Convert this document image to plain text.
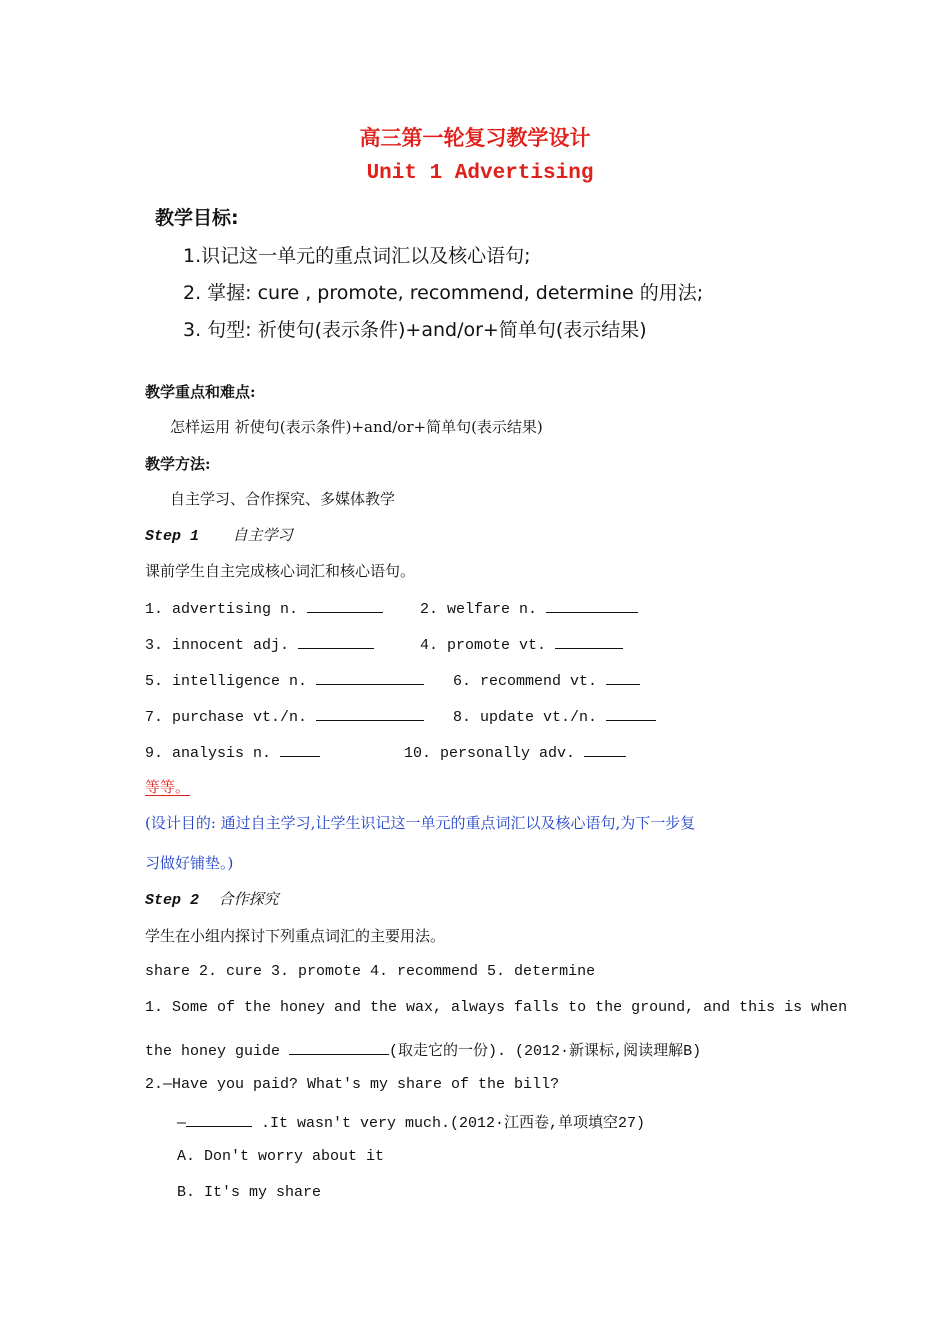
高三第一轮复习教学设计
Unit 1 Advertising
教学目标:
1.识记这一单元的重点词汇以及核心语句;
2. 掌握: cure , promote, recommend, determine 的用法;
3. 句型: 祈使句(表示条件)+and/or+简单句(表示结果)
教学重点和难点:
怎样运用 祈使句(表示条件)+and/or+简单句(表示结果)
教学方法:
自主学习、合作探究、多媒体教学
Step 1 自主学习
课前学生自主完成核心词汇和核心语句。
1. advertising n.	2. welfare n.
3. innocent adj.	4. promote vt.
5. intelligence n.	6. recommend vt.
7. purchase vt./n.	8. update vt./n.
9. analysis n.	10. personally adv.
等等。
(设计目的: 通过自主学习,让学生识记这一单元的重点词汇以及核心语句,为下一步复
习做好铺垫。)
Step 2 合作探究
学生在小组内探讨下列重点词汇的主要用法。
share 2. cure 3. promote 4. recommend 5. determine
1. Some of the honey and the wax, always falls to the ground, and this is when
the honey guide	(取走它的一份). (2012·新课标,阅读理解B)
2.—Have you paid? What's my share of the bill?
—	.It wasn't very much.(2012·江西卷,单项填空27)
A. Don't worry about it
B. It's my share
